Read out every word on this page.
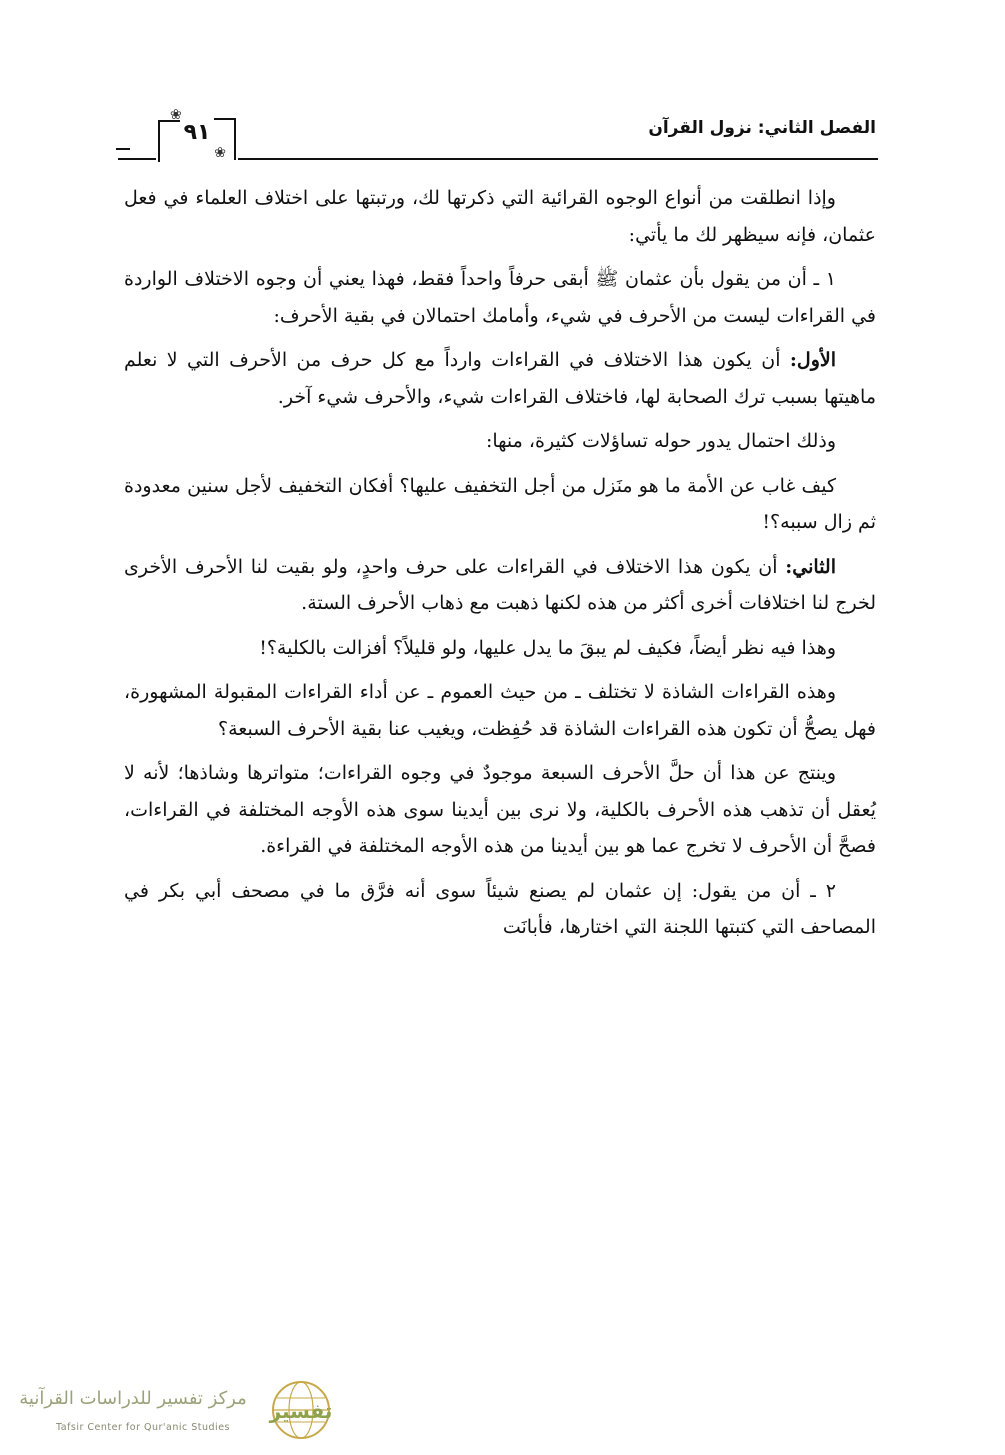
الفصل الثاني: نزول القرآن
❀
❀
٩١

وإذا انطلقت من أنواع الوجوه القرائية التي ذكرتها لك، ورتبتها على اختلاف العلماء في فعل عثمان، فإنه سيظهر لك ما يأتي:

١ ـ أن من يقول بأن عثمان ﷺ أبقى حرفاً واحداً فقط، فهذا يعني أن وجوه الاختلاف الواردة في القراءات ليست من الأحرف في شيء، وأمامك احتمالان في بقية الأحرف:

الأول: أن يكون هذا الاختلاف في القراءات وارداً مع كل حرف من الأحرف التي لا نعلم ماهيتها بسبب ترك الصحابة لها، فاختلاف القراءات شيء، والأحرف شيء آخر.

وذلك احتمال يدور حوله تساؤلات كثيرة، منها:

كيف غاب عن الأمة ما هو منَزل من أجل التخفيف عليها؟ أفكان التخفيف لأجل سنين معدودة ثم زال سببه؟!

الثاني: أن يكون هذا الاختلاف في القراءات على حرف واحدٍ، ولو بقيت لنا الأحرف الأخرى لخرج لنا اختلافات أخرى أكثر من هذه لكنها ذهبت مع ذهاب الأحرف الستة.

وهذا فيه نظر أيضاً، فكيف لم يبقَ ما يدل عليها، ولو قليلاً؟ أفزالت بالكلية؟!

وهذه القراءات الشاذة لا تختلف ـ من حيث العموم ـ عن أداء القراءات المقبولة المشهورة، فهل يصحُّ أن تكون هذه القراءات الشاذة قد حُفِظت، ويغيب عنا بقية الأحرف السبعة؟

وينتج عن هذا أن حلَّ الأحرف السبعة موجودٌ في وجوه القراءات؛ متواترها وشاذها؛ لأنه لا يُعقل أن تذهب هذه الأحرف بالكلية، ولا نرى بين أيدينا سوى هذه الأوجه المختلفة في القراءات، فصحَّ أن الأحرف لا تخرج عما هو بين أيدينا من هذه الأوجه المختلفة في القراءة.

٢ ـ أن من يقول: إن عثمان لم يصنع شيئاً سوى أنه فرَّق ما في مصحف أبي بكر في المصاحف التي كتبتها اللجنة التي اختارها، فأبانَت

مركز تفسير للدراسات القرآنية
Tafsir Center for Qur'anic Studies
تفسير
